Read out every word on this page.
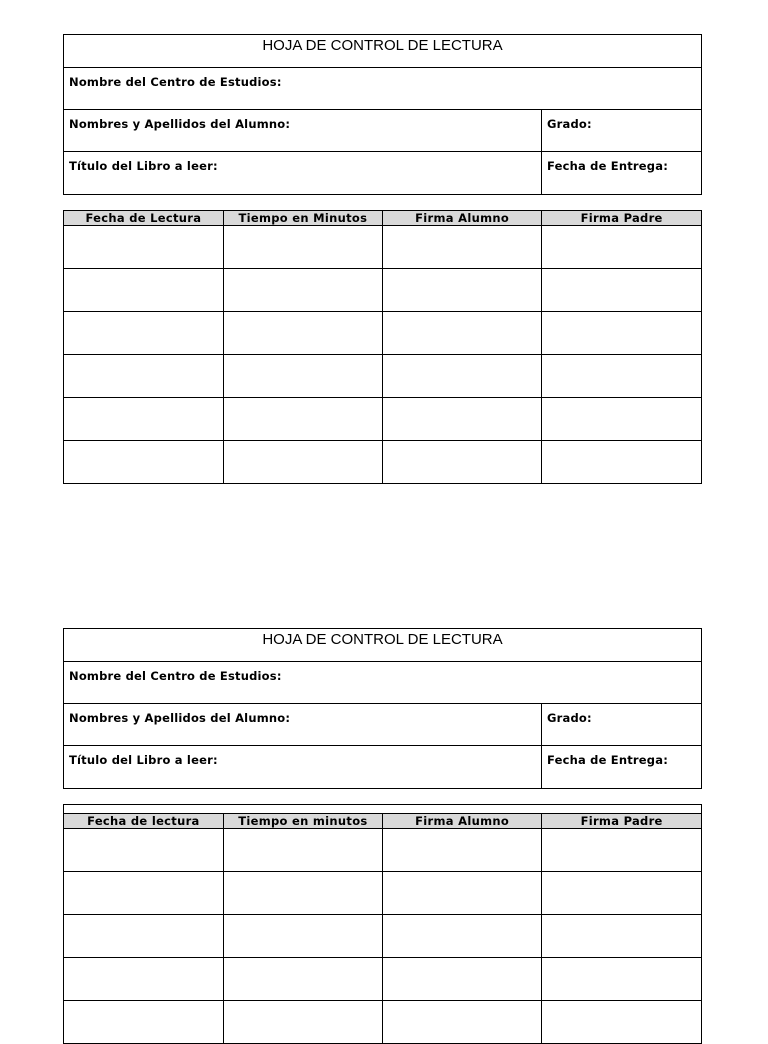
HOJA DE CONTROL DE LECTURA
Nombre del Centro de Estudios:
Nombres y Apellidos del Alumno:	Grado:
Título del Libro a leer:	Fecha de Entrega:
Fecha de Lectura	Tiempo en Minutos	Firma Alumno	Firma Padre

HOJA DE CONTROL DE LECTURA
Nombre del Centro de Estudios:
Nombres y Apellidos del Alumno:	Grado:
Título del Libro a leer:	Fecha de Entrega:
Fecha de lectura	Tiempo en minutos	Firma Alumno	Firma Padre
